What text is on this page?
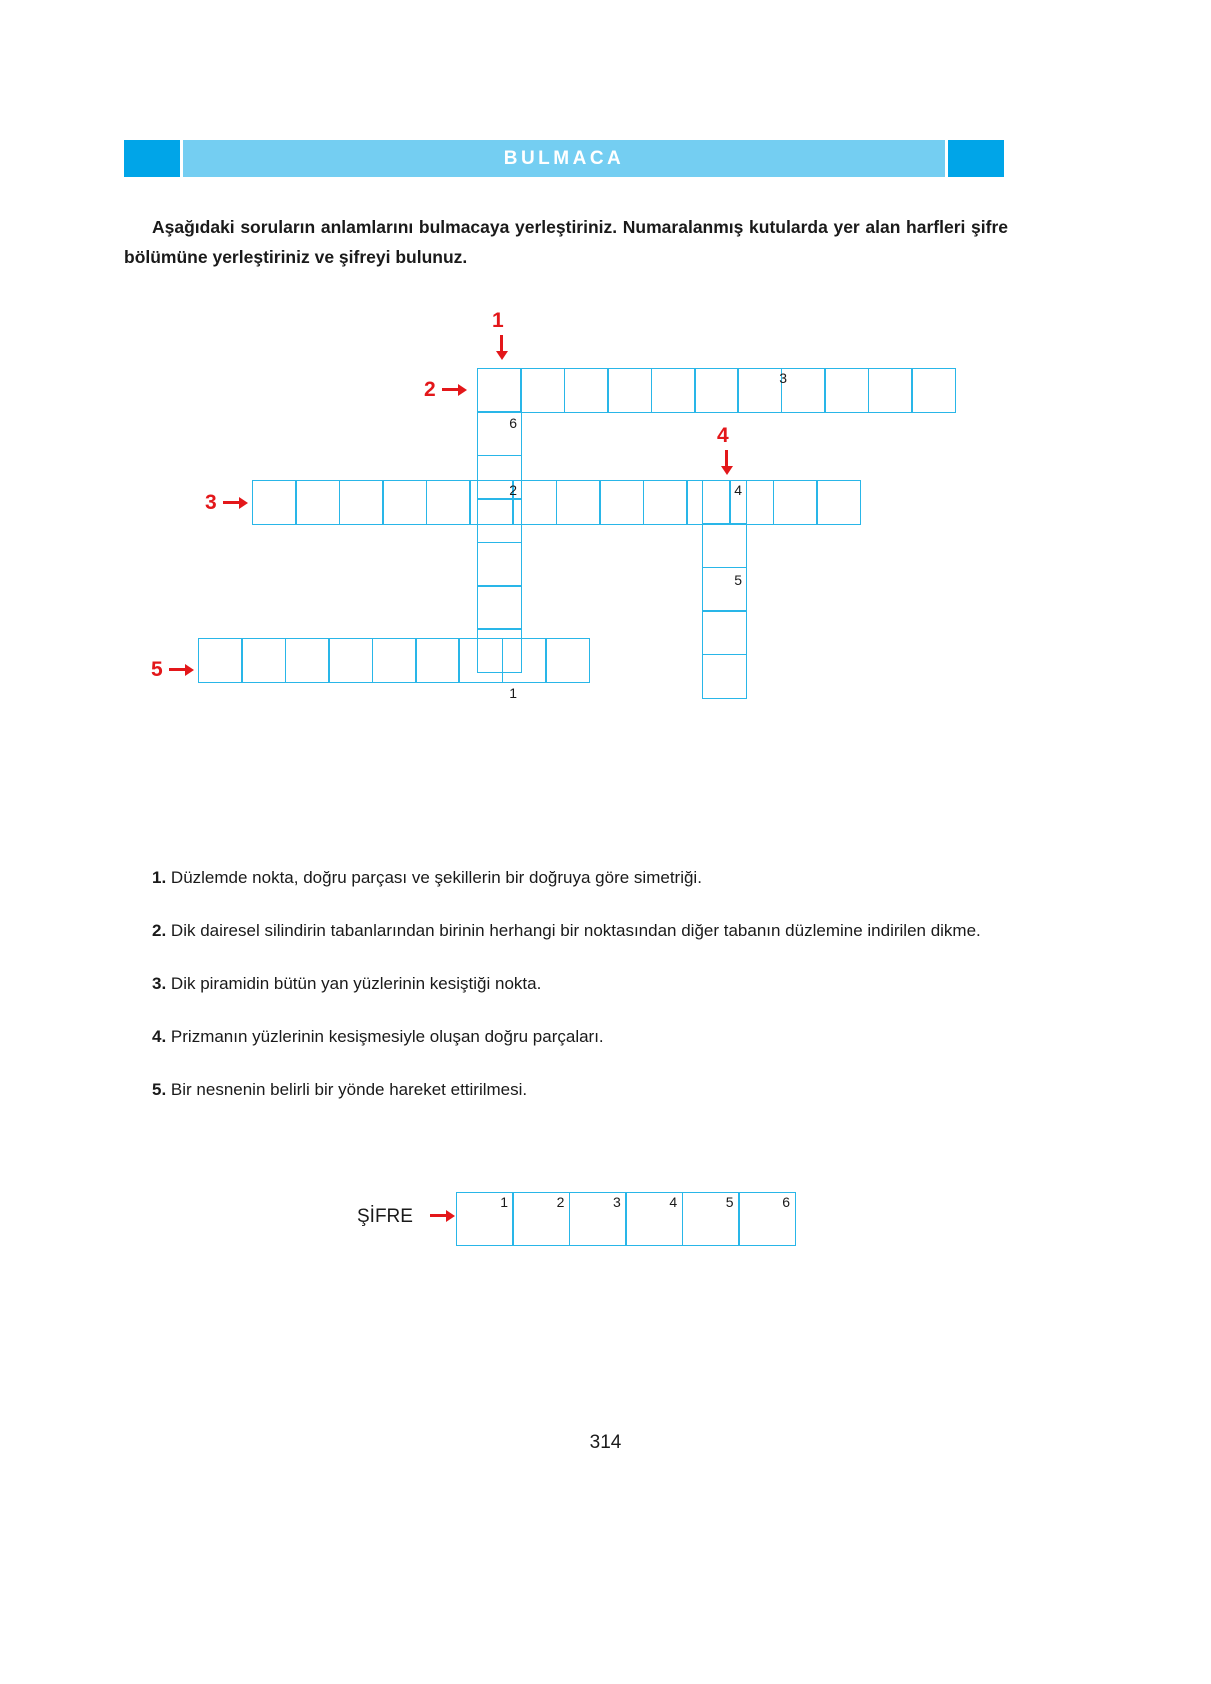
BULMACA

Aşağıdaki soruların anlamlarını bulmacaya yerleştiriniz. Numaralanmış kutularda yer alan harfleri şifre bölümüne yerleştiriniz ve şifreyi bulunuz.

3
6
2	4
5
1
1
2
4
3
5

1. Düzlemde nokta, doğru parçası ve şekillerin bir doğruya göre simetriği.

2. Dik dairesel silindirin tabanlarından birinin herhangi bir noktasından diğer tabanın düzlemine indirilen dikme.

3. Dik piramidin bütün yan yüzlerinin kesiştiği nokta.

4. Prizmanın yüzlerinin kesişmesiyle oluşan doğru parçaları.

5. Bir nesnenin belirli bir yönde hareket ettirilmesi.

ŞİFRE
1	2	3	4	5	6
314
